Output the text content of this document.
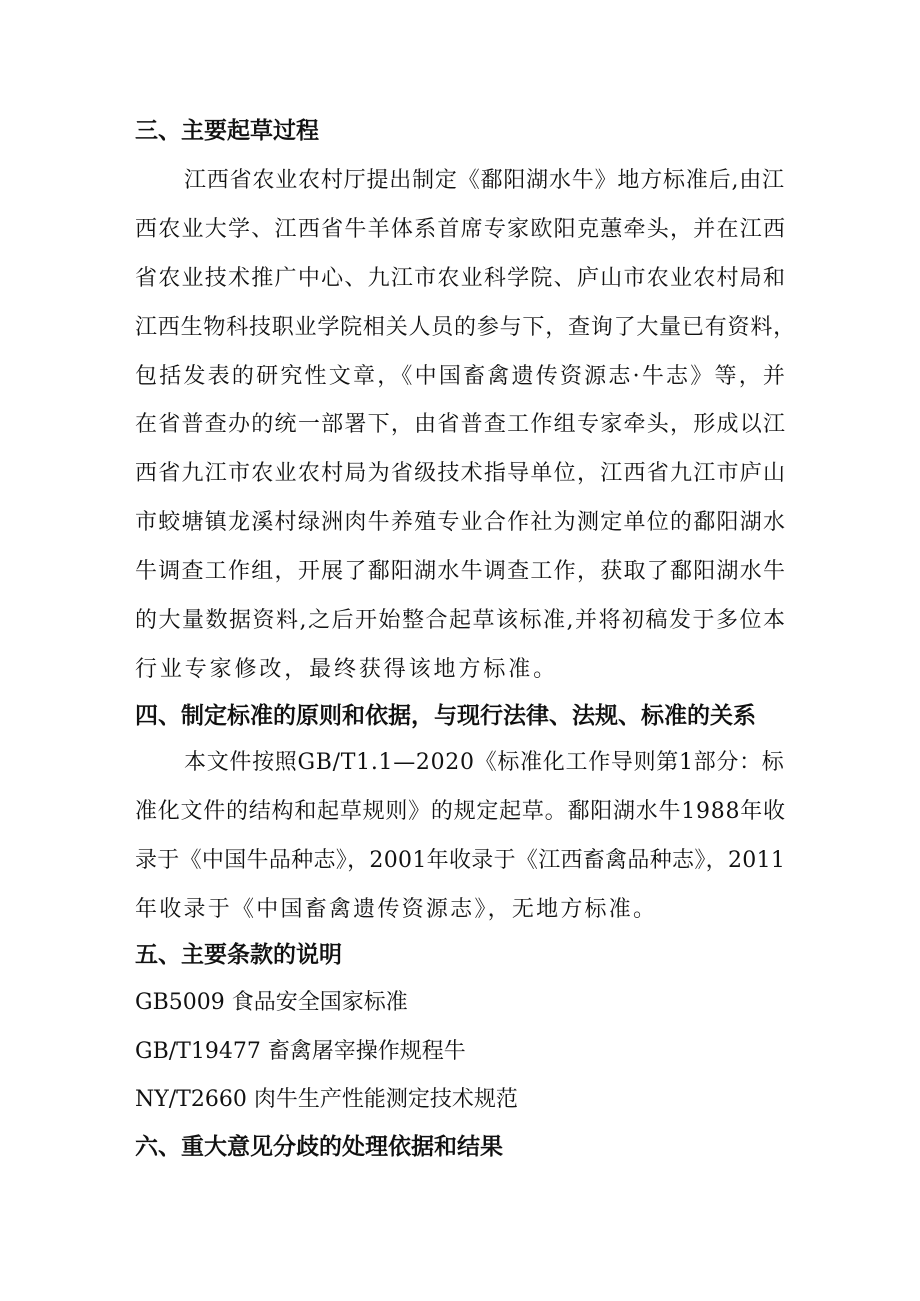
三、主要起草过程
江西省农业农村厅提出制定《鄱阳湖水牛》地方标准后,由江
西农业大学、江西省牛羊体系首席专家欧阳克蕙牵头，并在江西
省农业技术推广中心、九江市农业科学院、庐山市农业农村局和
江西生物科技职业学院相关人员的参与下，查询了大量已有资料，
包括发表的研究性文章，《中国畜禽遗传资源志·牛志》等，并
在省普查办的统一部署下，由省普查工作组专家牵头，形成以江
西省九江市农业农村局为省级技术指导单位，江西省九江市庐山
市蛟塘镇龙溪村绿洲肉牛养殖专业合作社为测定单位的鄱阳湖水
牛调查工作组，开展了鄱阳湖水牛调查工作，获取了鄱阳湖水牛
的大量数据资料,之后开始整合起草该标准,并将初稿发于多位本
行业专家修改，最终获得该地方标准。
四、制定标准的原则和依据，与现行法律、法规、标准的关系
本文件按照GB/T1.1—2020《标准化工作导则第1部分：标
准化文件的结构和起草规则》的规定起草。鄱阳湖水牛1988年收
录于《中国牛品种志》，2001年收录于《江西畜禽品种志》，2011
年收录于《中国畜禽遗传资源志》，无地方标准。
五、主要条款的说明
GB5009 食品安全国家标准
GB/T19477 畜禽屠宰操作规程牛
NY/T2660 肉牛生产性能测定技术规范
六、重大意见分歧的处理依据和结果
